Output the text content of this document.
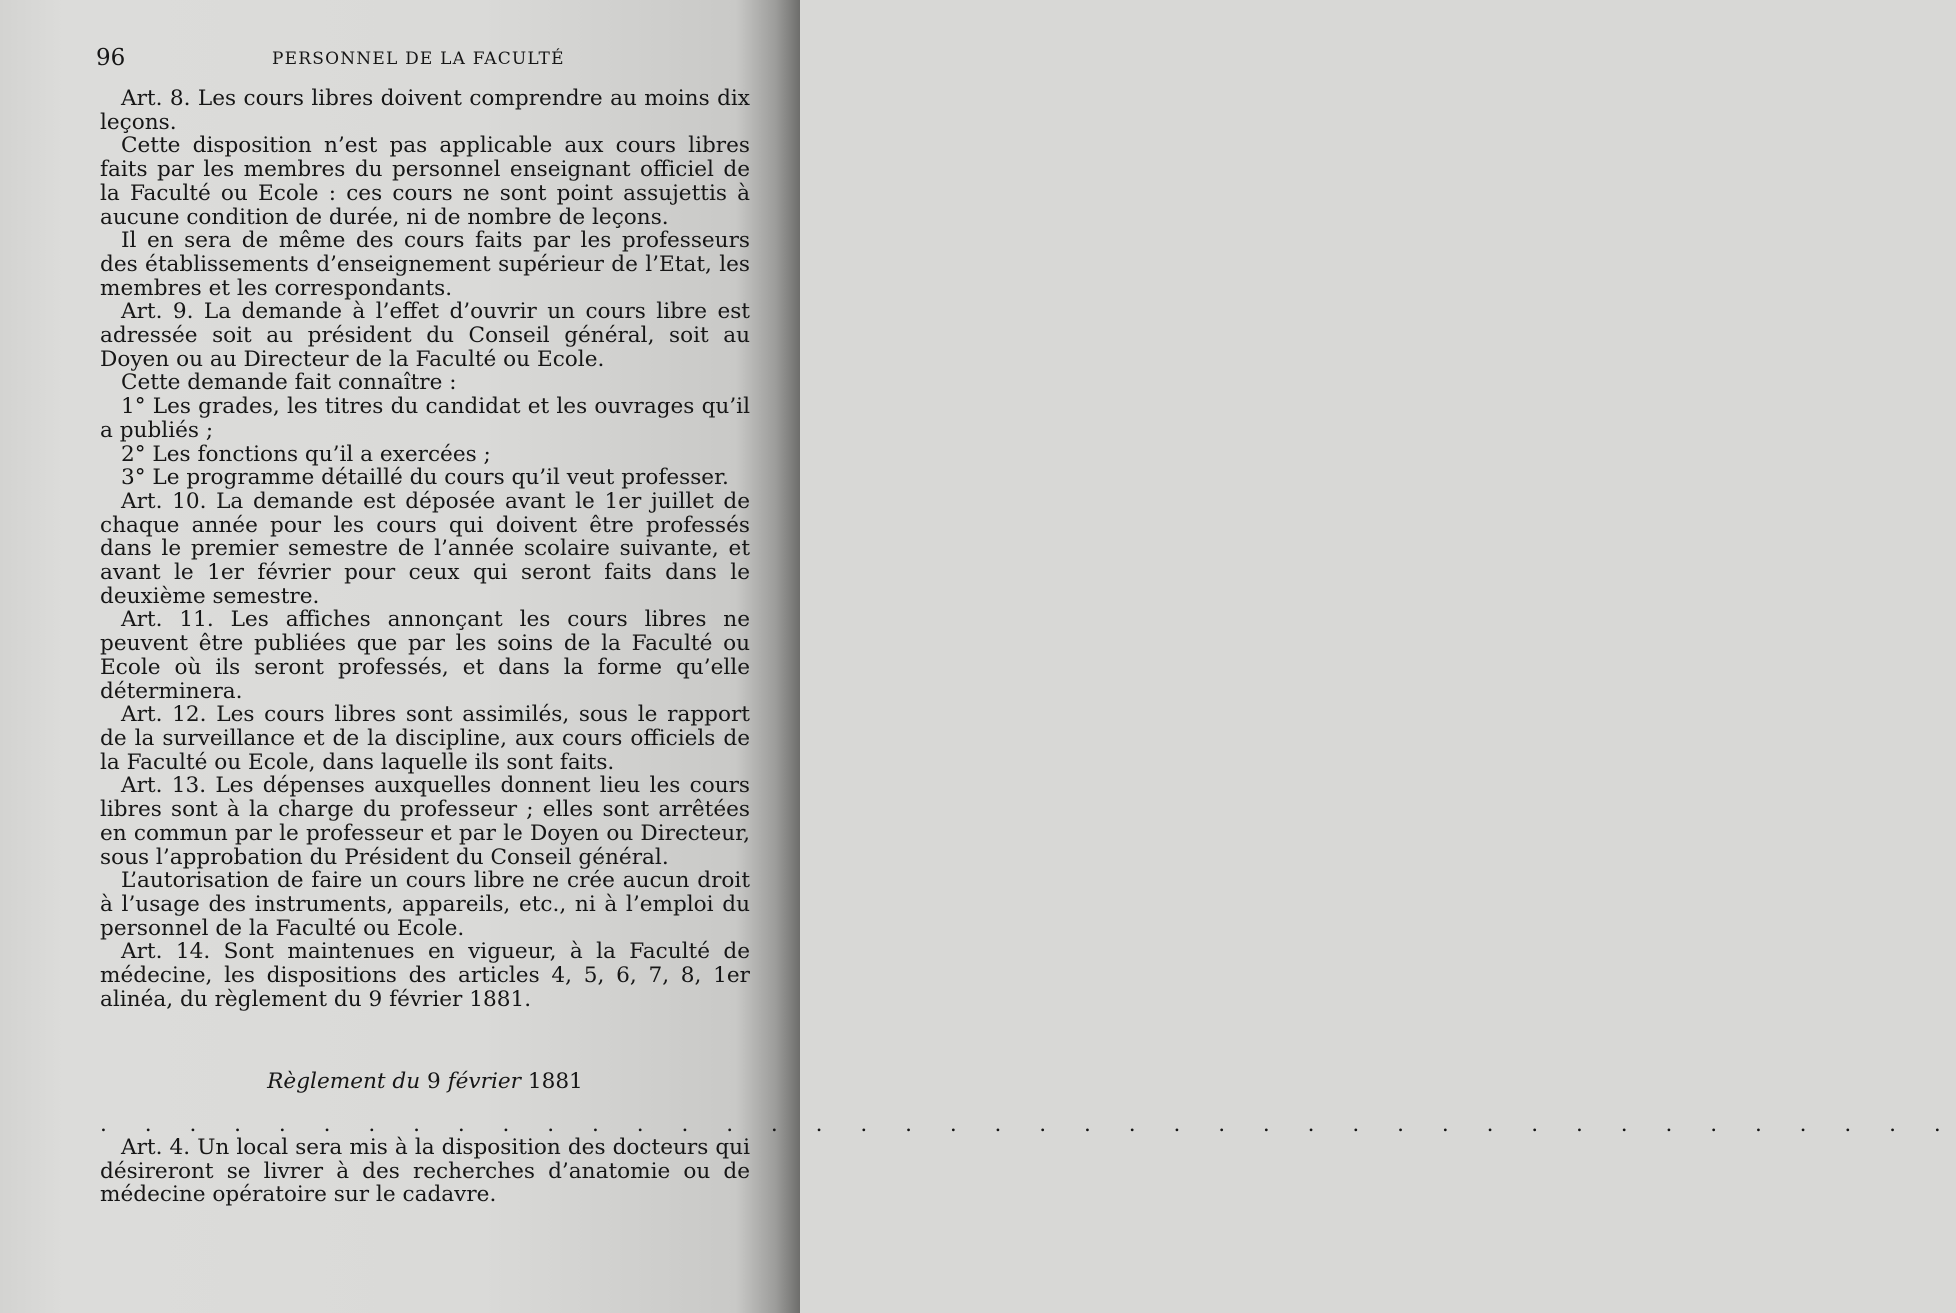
96	PERSONNEL DE LA FACULTÉ

Art. 8. Les cours libres doivent comprendre au moins dix leçons.

Cette disposition n’est pas applicable aux cours libres faits par les membres du personnel enseignant officiel de la Faculté ou Ecole : ces cours ne sont point assujettis à aucune condition de durée, ni de nombre de leçons.

Il en sera de même des cours faits par les professeurs des établissements d’enseignement supérieur de l’Etat, les membres et les correspondants.

Art. 9. La demande à l’effet d’ouvrir un cours libre est adressée soit au président du Conseil général, soit au Doyen ou au Directeur de la Faculté ou Ecole.

Cette demande fait connaître :

1° Les grades, les titres du candidat et les ouvrages qu’il a publiés ;

2° Les fonctions qu’il a exercées ;

3° Le programme détaillé du cours qu’il veut professer.

Art. 10. La demande est déposée avant le 1er juillet de chaque année pour les cours qui doivent être professés dans le premier semestre de l’année scolaire suivante, et avant le 1er février pour ceux qui seront faits dans le deuxième semestre.

Art. 11. Les affiches annonçant les cours libres ne peuvent être publiées que par les soins de la Faculté ou Ecole où ils seront professés, et dans la forme qu’elle déterminera.

Art. 12. Les cours libres sont assimilés, sous le rapport de la surveillance et de la discipline, aux cours officiels de la Faculté ou Ecole, dans laquelle ils sont faits.

Art. 13. Les dépenses auxquelles donnent lieu les cours libres sont à la charge du professeur ; elles sont arrêtées en commun par le professeur et par le Doyen ou Directeur, sous l’approbation du Président du Conseil général.

L’autorisation de faire un cours libre ne crée aucun droit à l’usage des instruments, appareils, etc., ni à l’emploi du personnel de la Faculté ou Ecole.

Art. 14. Sont maintenues en vigueur, à la Faculté de médecine, les dispositions des articles 4, 5, 6, 7, 8, 1er alinéa, du règlement du 9 février 1881.

Règlement du 9 février 1881
. . . . . . . . . . . . . . . . . . . . . . . . . . . . . . . . . . . . . . . . . .

Art. 4. Un local sera mis à la disposition des docteurs qui désireront se livrer à des recherches d’anatomie ou de médecine opératoire sur le cadavre.
